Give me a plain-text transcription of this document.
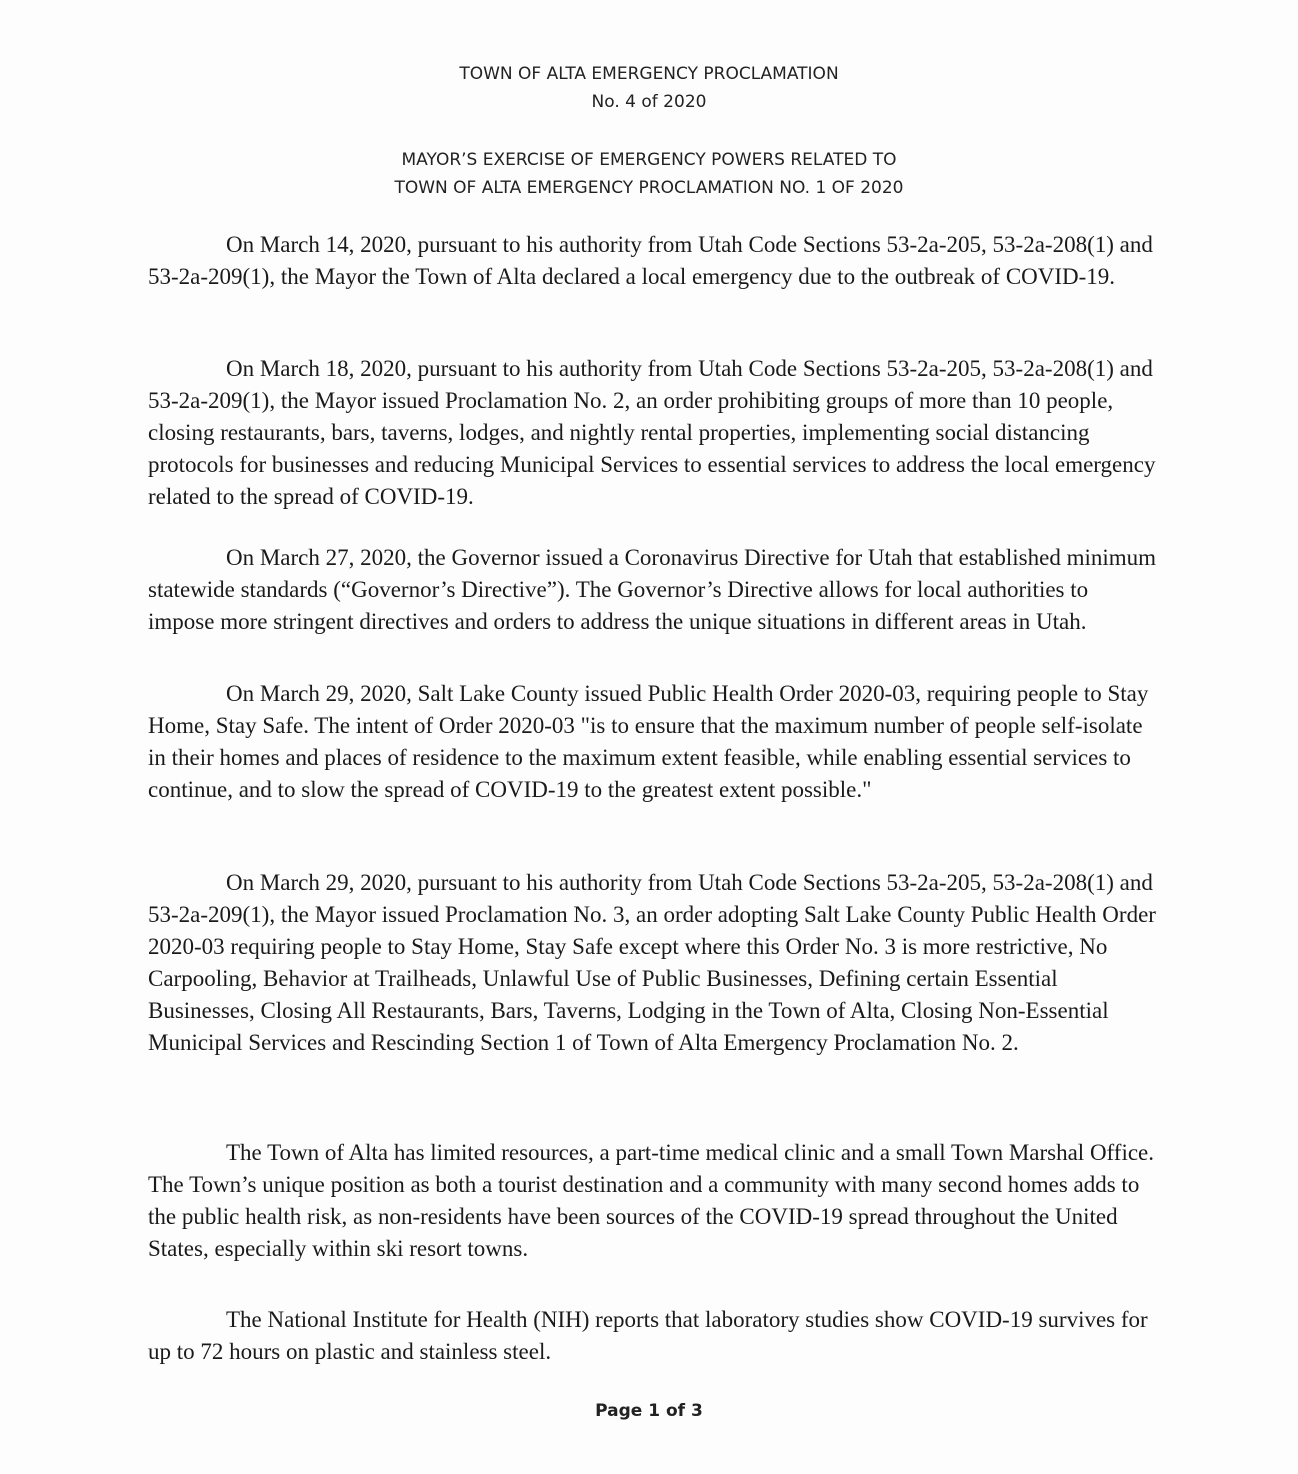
TOWN OF ALTA EMERGENCY PROCLAMATION
No. 4 of 2020
MAYOR’S EXERCISE OF EMERGENCY POWERS RELATED TO
TOWN OF ALTA EMERGENCY PROCLAMATION NO. 1 OF 2020

On March 14, 2020, pursuant to his authority from Utah Code Sections 53-2a-205, 53-2a-208(1) and 53-2a-209(1), the Mayor the Town of Alta declared a local emergency due to the outbreak of COVID-19.

On March 18, 2020, pursuant to his authority from Utah Code Sections 53-2a-205, 53-2a-208(1) and 53-2a-209(1), the Mayor issued Proclamation No. 2, an order prohibiting groups of more than 10 people, closing restaurants, bars, taverns, lodges, and nightly rental properties, implementing social distancing protocols for businesses and reducing Municipal Services to essential services to address the local emergency related to the spread of COVID-19.

On March 27, 2020, the Governor issued a Coronavirus Directive for Utah that established minimum statewide standards (“Governor’s Directive”). The Governor’s Directive allows for local authorities to impose more stringent directives and orders to address the unique situations in different areas in Utah.

On March 29, 2020, Salt Lake County issued Public Health Order 2020-03, requiring people to Stay Home, Stay Safe. The intent of Order 2020-03 "is to ensure that the maximum number of people self-isolate in their homes and places of residence to the maximum extent feasible, while enabling essential services to continue, and to slow the spread of COVID-19 to the greatest extent possible."

On March 29, 2020, pursuant to his authority from Utah Code Sections 53-2a-205, 53-2a-208(1) and 53-2a-209(1), the Mayor issued Proclamation No. 3, an order adopting Salt Lake County Public Health Order 2020-03 requiring people to Stay Home, Stay Safe except where this Order No. 3 is more restrictive, No Carpooling, Behavior at Trailheads, Unlawful Use of Public Businesses, Defining certain Essential Businesses, Closing All Restaurants, Bars, Taverns, Lodging in the Town of Alta, Closing Non-Essential Municipal Services and Rescinding Section 1 of Town of Alta Emergency Proclamation No. 2.

The Town of Alta has limited resources, a part-time medical clinic and a small Town Marshal Office. The Town’s unique position as both a tourist destination and a community with many second homes adds to the public health risk, as non-residents have been sources of the COVID-19 spread throughout the United States, especially within ski resort towns.

The National Institute for Health (NIH) reports that laboratory studies show COVID-19 survives for up to 72 hours on plastic and stainless steel.

Page 1 of 3
